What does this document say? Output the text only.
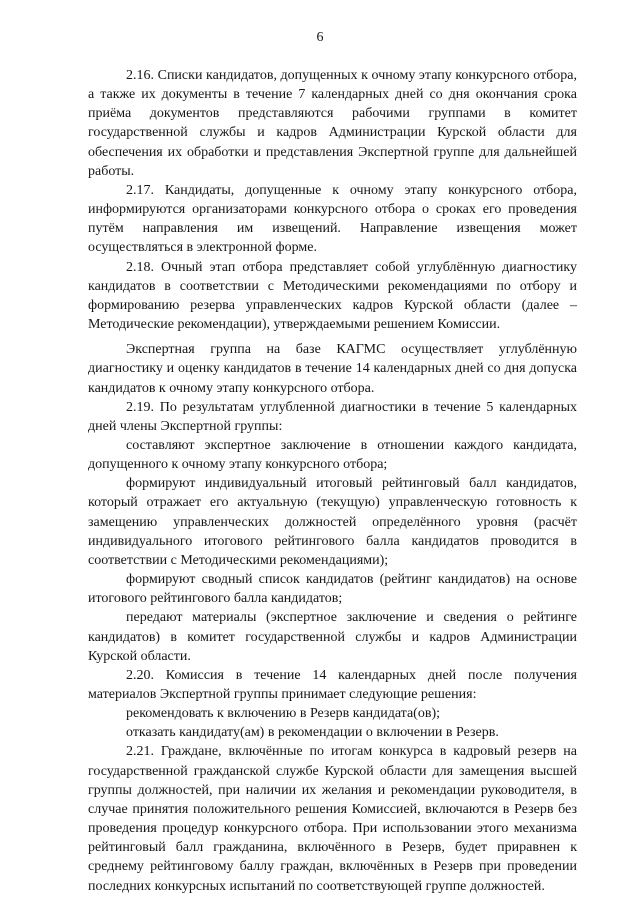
6

2.16. Списки кандидатов, допущенных к очному этапу конкурсного отбора, а также их документы в течение 7 календарных дней со дня окончания срока приёма документов представляются рабочими группами в комитет государственной службы и кадров Администрации Курской области для обеспечения их обработки и представления Экспертной группе для дальнейшей работы.

2.17. Кандидаты, допущенные к очному этапу конкурсного отбора, информируются организаторами конкурсного отбора о сроках его проведения путём направления им извещений. Направление извещения может осуществляться в электронной форме.

2.18. Очный этап отбора представляет собой углублённую диагностику кандидатов в соответствии с Методическими рекомендациями по отбору и формированию резерва управленческих кадров Курской области (далее – Методические рекомендации), утверждаемыми решением Комиссии.

Экспертная группа на базе КАГМС осуществляет углублённую диагностику и оценку кандидатов в течение 14 календарных дней со дня допуска кандидатов к очному этапу конкурсного отбора.

2.19. По результатам углубленной диагностики в течение 5 календарных дней члены Экспертной группы:

составляют экспертное заключение в отношении каждого кандидата, допущенного к очному этапу конкурсного отбора;

формируют индивидуальный итоговый рейтинговый балл кандидатов, который отражает его актуальную (текущую) управленческую готовность к замещению управленческих должностей определённого уровня (расчёт индивидуального итогового рейтингового балла кандидатов проводится в соответствии с Методическими рекомендациями);

формируют сводный список кандидатов (рейтинг кандидатов) на основе итогового рейтингового балла кандидатов;

передают материалы (экспертное заключение и сведения о рейтинге кандидатов) в комитет государственной службы и кадров Администрации Курской области.

2.20. Комиссия в течение 14 календарных дней после получения материалов Экспертной группы принимает следующие решения:

рекомендовать к включению в Резерв кандидата(ов);

отказать кандидату(ам) в рекомендации о включении в Резерв.

2.21. Граждане, включённые по итогам конкурса в кадровый резерв на государственной гражданской службе Курской области для замещения высшей группы должностей, при наличии их желания и рекомендации руководителя, в случае принятия положительного решения Комиссией, включаются в Резерв без проведения процедур конкурсного отбора. При использовании этого механизма рейтинговый балл гражданина, включённого в Резерв, будет приравнен к среднему рейтинговому баллу граждан, включённых в Резерв при проведении последних конкурсных испытаний по соответствующей группе должностей.
